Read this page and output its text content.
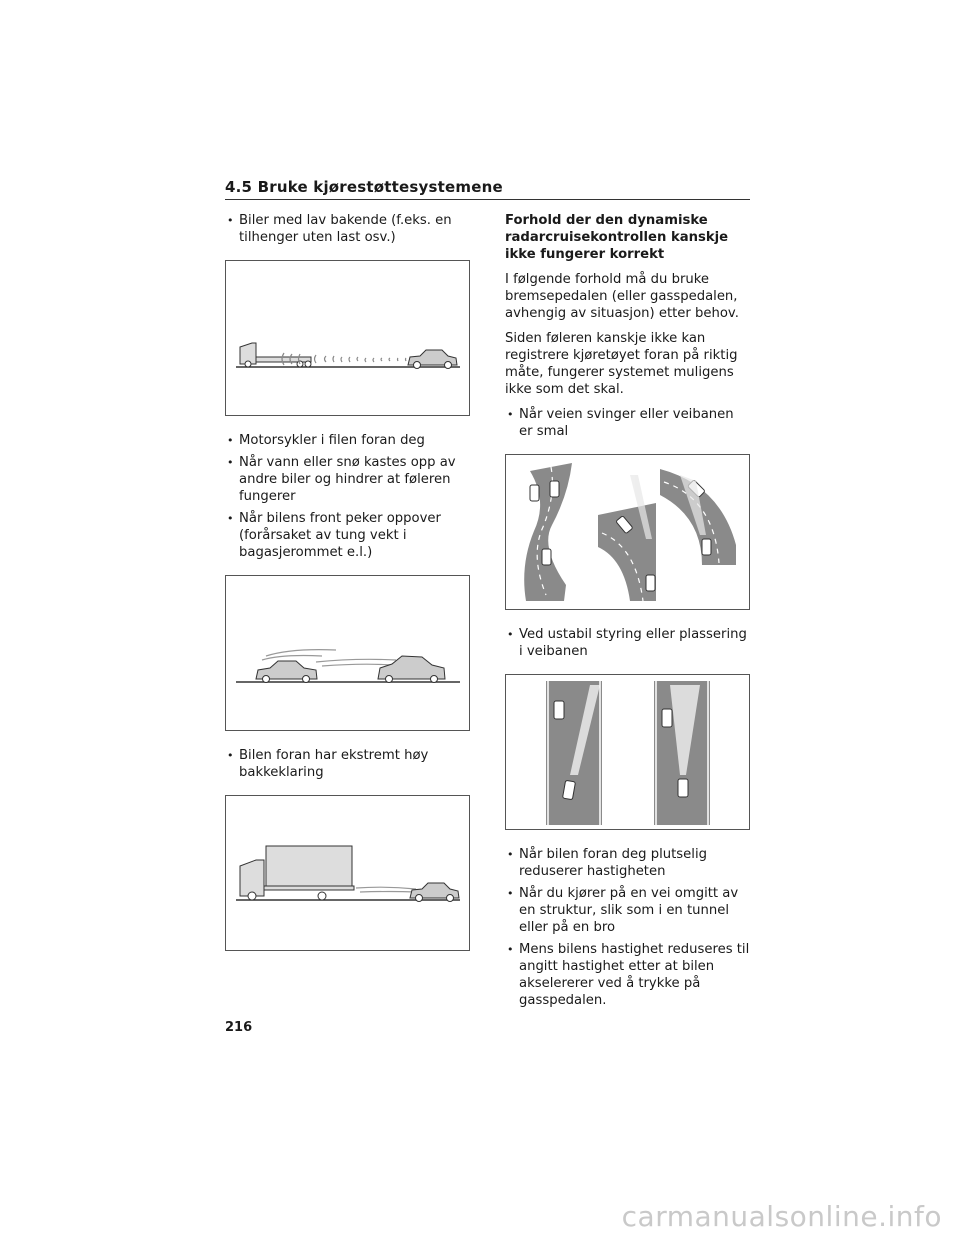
4.5 Bruke kjørestøttesystemene
• Biler med lav bakende (f.eks. en tilhenger uten last osv.)
• Motorsykler i filen foran deg
• Når vann eller snø kastes opp av andre biler og hindrer at føleren fungerer
• Når bilens front peker oppover (forårsaket av tung vekt i bagasjerommet e.l.)
• Bilen foran har ekstremt høy bakkeklaring
Forhold der den dynamiske radarcruisekontrollen kanskje ikke fungerer korrekt
I følgende forhold må du bruke bremsepedalen (eller gasspedalen, avhengig av situasjon) etter behov.
Siden føleren kanskje ikke kan registrere kjøretøyet foran på riktig måte, fungerer systemet muligens ikke som det skal.
• Når veien svinger eller veibanen er smal
• Ved ustabil styring eller plassering i veibanen
• Når bilen foran deg plutselig reduserer hastigheten
• Når du kjører på en vei omgitt av en struktur, slik som i en tunnel eller på en bro
• Mens bilens hastighet reduseres til angitt hastighet etter at bilen akselererer ved å trykke på gasspedalen.
216
carmanualsonline.info
